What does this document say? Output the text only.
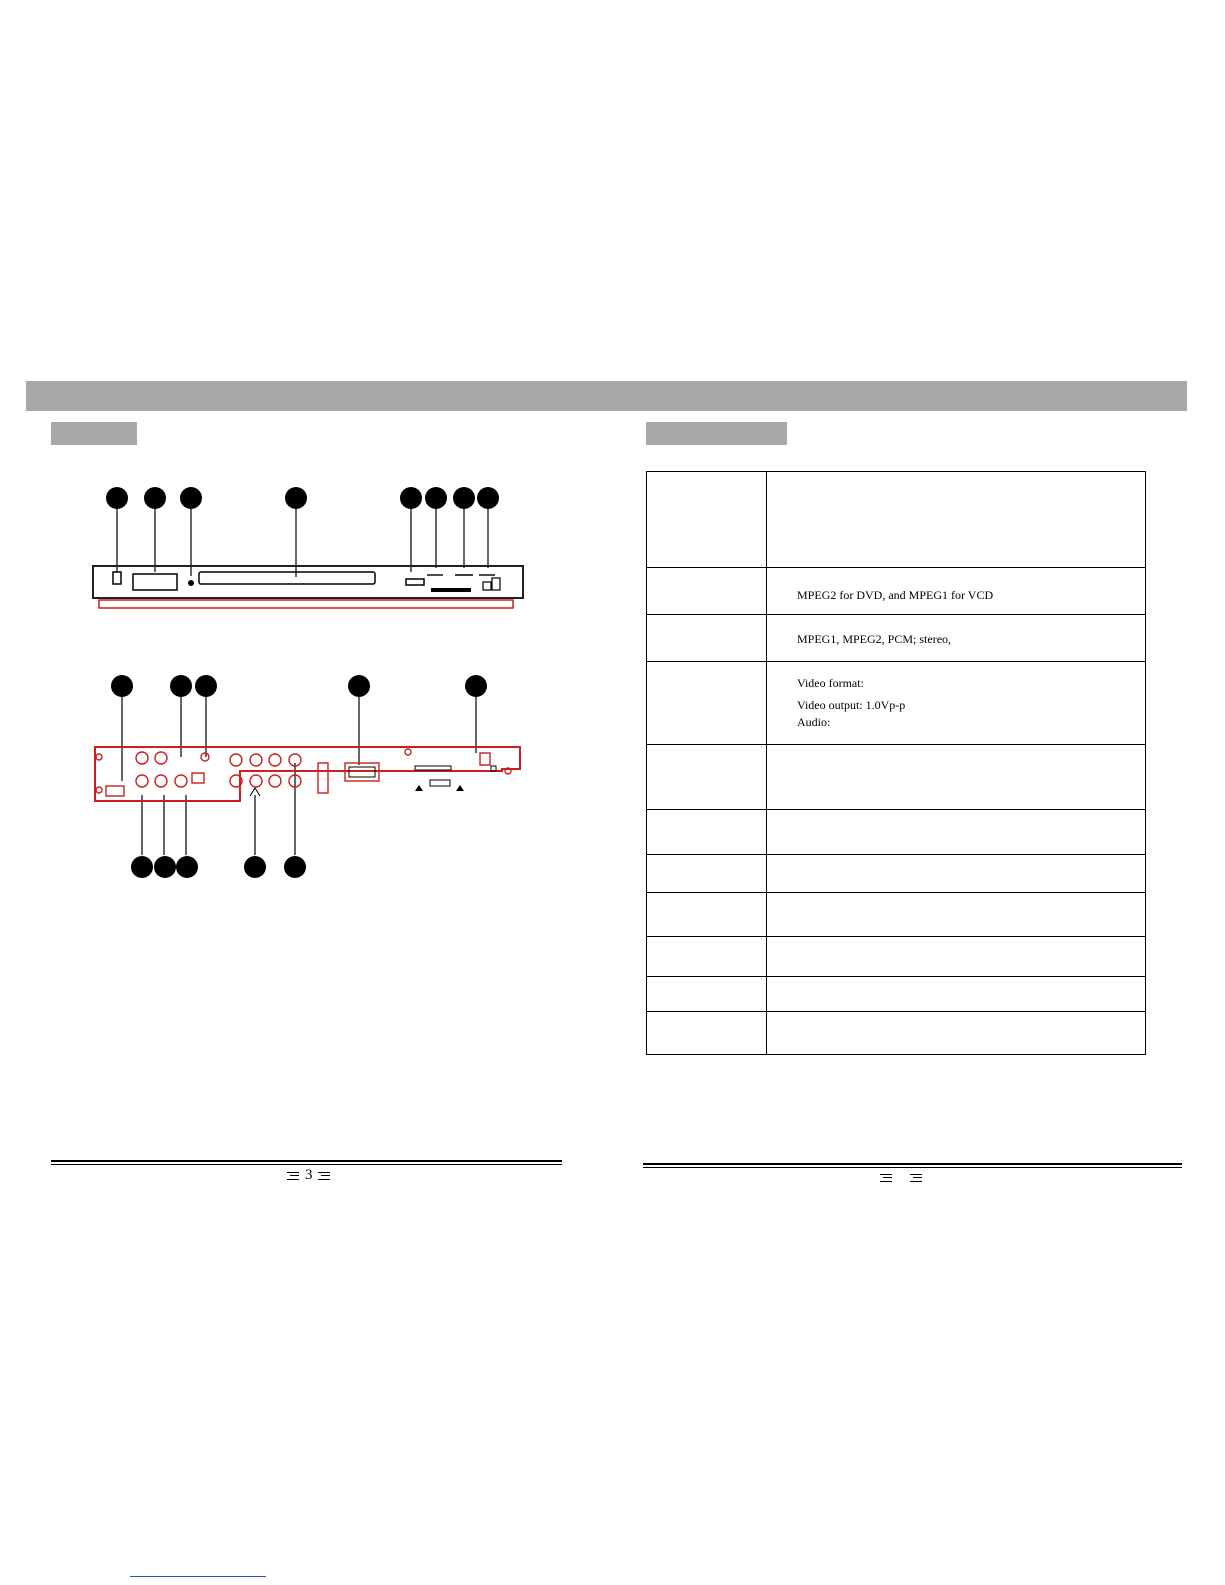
MPEG2 for DVD, and MPEG1 for VCD
MPEG1, MPEG2, PCM; stereo,
Video format:
Video output: 1.0Vp-p
Audio:
3
